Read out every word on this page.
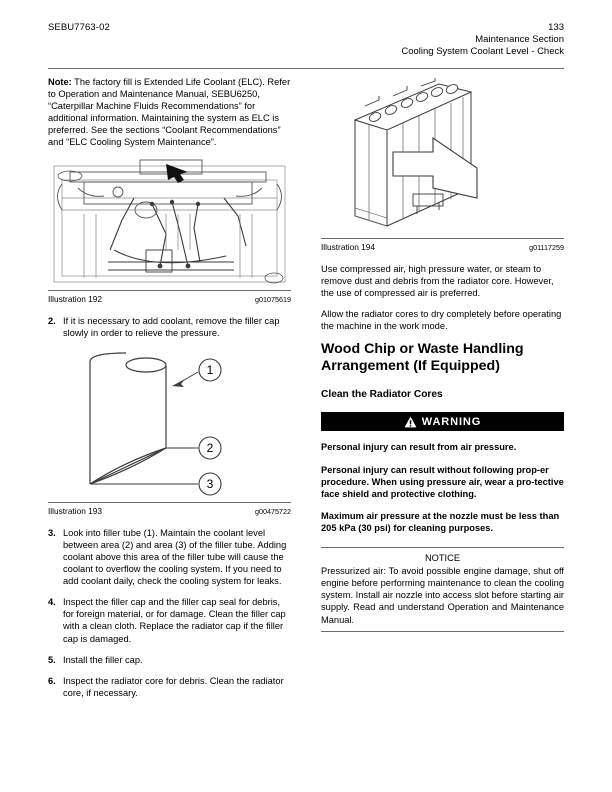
SEBU7763-02	133
Maintenance Section
Cooling System Coolant Level - Check

Note: The factory fill is Extended Life Coolant (ELC). Refer to Operation and Maintenance Manual, SEBU6250, “Caterpillar Machine Fluids Recommendations” for additional information. Maintaining the system as ELC is preferred. See the sections “Coolant Recommendations” and “ELC Cooling System Maintenance”.

Illustration 192	g01075619
2. If it is necessary to add coolant, remove the filler cap slowly in order to relieve the pressure.
1
2
3
Illustration 193	g00475722
3. Look into filler tube (1). Maintain the coolant level between area (2) and area (3) of the filler tube. Adding coolant above this area of the filler tube will cause the coolant to overflow the cooling system. If you need to add coolant daily, check the cooling system for leaks.
4. Inspect the filler cap and the filler cap seal for debris, for foreign material, or for damage. Clean the filler cap with a clean cloth. Replace the radiator cap if the filler cap is damaged.
5. Install the filler cap.
6. Inspect the radiator core for debris. Clean the radiator core, if necessary.
Illustration 194	g01117259

Use compressed air, high pressure water, or steam to remove dust and debris from the radiator core. However, the use of compressed air is preferred.

Allow the radiator cores to dry completely before operating the machine in the work mode.

Wood Chip or Waste Handling Arrangement (If Equipped)
Clean the Radiator Cores
WARNING

Personal injury can result from air pressure.

Personal injury can result without following prop-er procedure. When using pressure air, wear a pro-tective face shield and protective clothing.

Maximum air pressure at the nozzle must be less than 205 kPa (30 psi) for cleaning purposes.

NOTICE

Pressurized air: To avoid possible engine damage, shut off engine before performing maintenance to clean the cooling system. Install air nozzle into access slot before starting air supply. Read and understand Operation and Maintenance Manual.
